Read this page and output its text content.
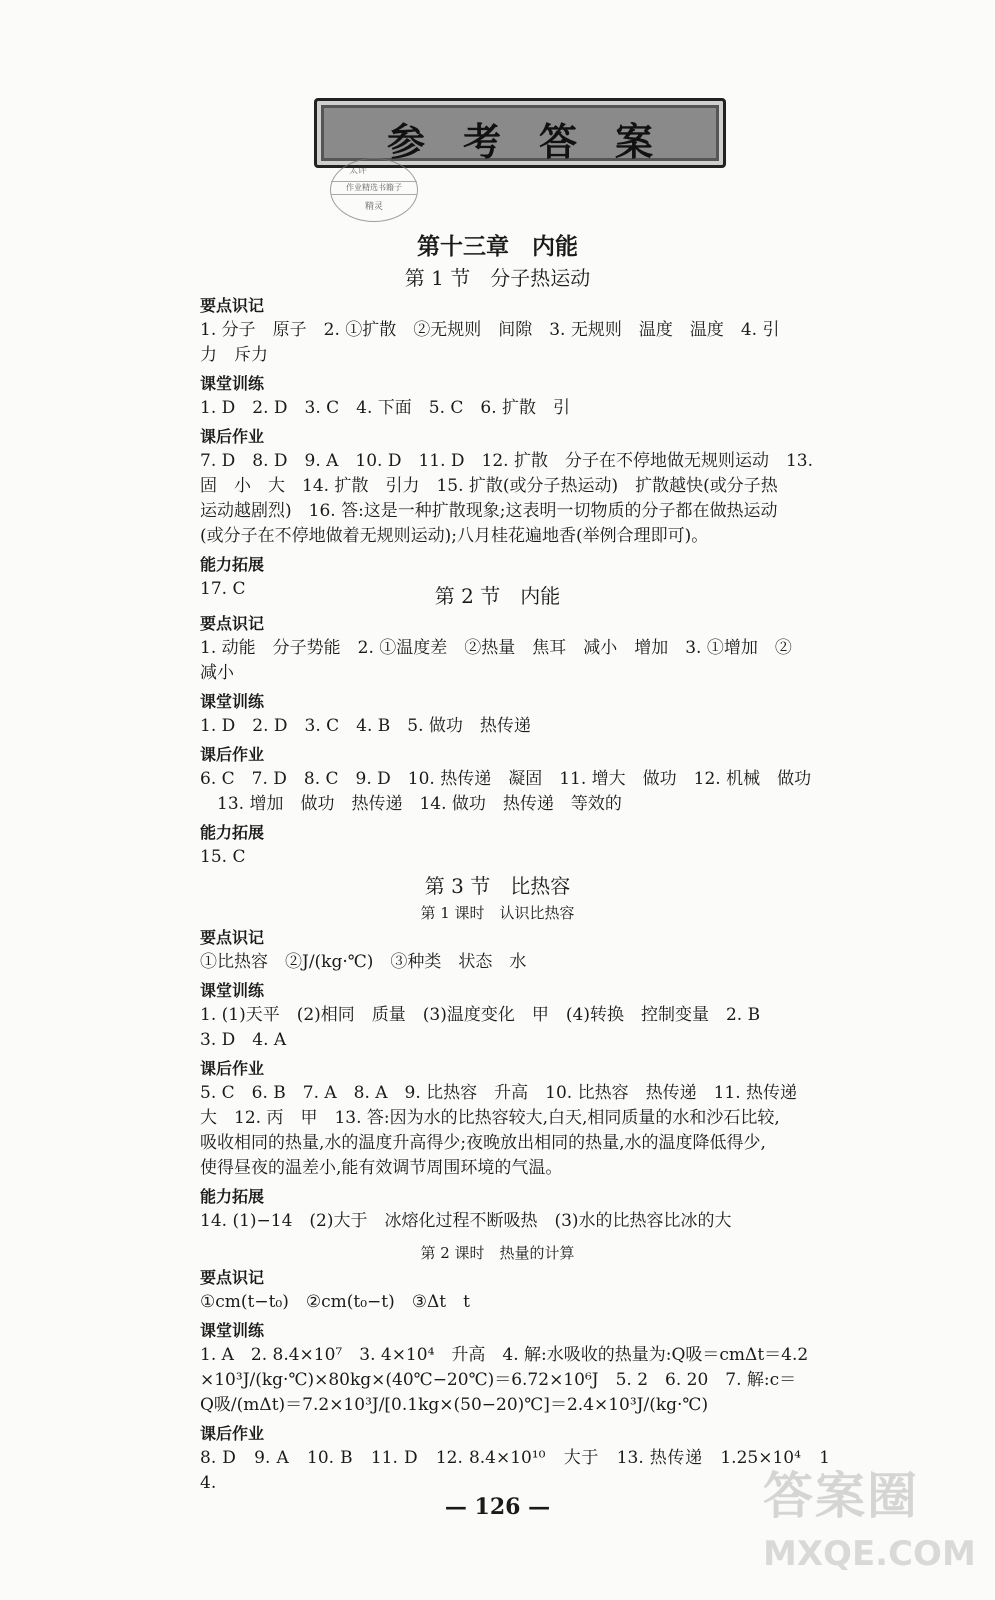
参考答案
太评
作业精选书籍子
精灵
第十三章　内能
第 1 节　分子热运动
要点识记
1. 分子　原子　2. ①扩散　②无规则　间隙　3. 无规则　温度　温度　4. 引
力　斥力
课堂训练
1. D　2. D　3. C　4. 下面　5. C　6. 扩散　引
课后作业
7. D　8. D　9. A　10. D　11. D　12. 扩散　分子在不停地做无规则运动　13.
固　小　大　14. 扩散　引力　15. 扩散(或分子热运动)　扩散越快(或分子热
运动越剧烈)　16. 答:这是一种扩散现象;这表明一切物质的分子都在做热运动
(或分子在不停地做着无规则运动);八月桂花遍地香(举例合理即可)。
能力拓展
17. C	第 2 节　内能
要点识记
1. 动能　分子势能　2. ①温度差　②热量　焦耳　减小　增加　3. ①增加　②
减小
课堂训练
1. D　2. D　3. C　4. B　5. 做功　热传递
课后作业
6. C　7. D　8. C　9. D　10. 热传递　凝固　11. 增大　做功　12. 机械　做功
　13. 增加　做功　热传递　14. 做功　热传递　等效的
能力拓展
15. C
第 3 节　比热容
第 1 课时　认识比热容
要点识记
①比热容　②J/(kg·℃)　③种类　状态　水
课堂训练
1. (1)天平　(2)相同　质量　(3)温度变化　甲　(4)转换　控制变量　2. B
3. D　4. A
课后作业
5. C　6. B　7. A　8. A　9. 比热容　升高　10. 比热容　热传递　11. 热传递
大　12. 丙　甲　13. 答:因为水的比热容较大,白天,相同质量的水和沙石比较,
吸收相同的热量,水的温度升高得少;夜晚放出相同的热量,水的温度降低得少,
使得昼夜的温差小,能有效调节周围环境的气温。
能力拓展
14. (1)−14　(2)大于　冰熔化过程不断吸热　(3)水的比热容比冰的大
第 2 课时　热量的计算
要点识记
①cm(t−t₀)　②cm(t₀−t)　③Δt　t
课堂训练
1. A　2. 8.4×10⁷　3. 4×10⁴　升高　4. 解:水吸收的热量为:Q吸＝cmΔt＝4.2
×10³J/(kg·℃)×80kg×(40℃−20℃)＝6.72×10⁶J　5. 2　6. 20　7. 解:c＝
Q吸/(mΔt)＝7.2×10³J/[0.1kg×(50−20)℃]＝2.4×10³J/(kg·℃)
课后作业
8. D　9. A　10. B　11. D　12. 8.4×10¹⁰　大于　13. 热传递　1.25×10⁴　14.
— 126 —	答案圈
MXQE.COM
